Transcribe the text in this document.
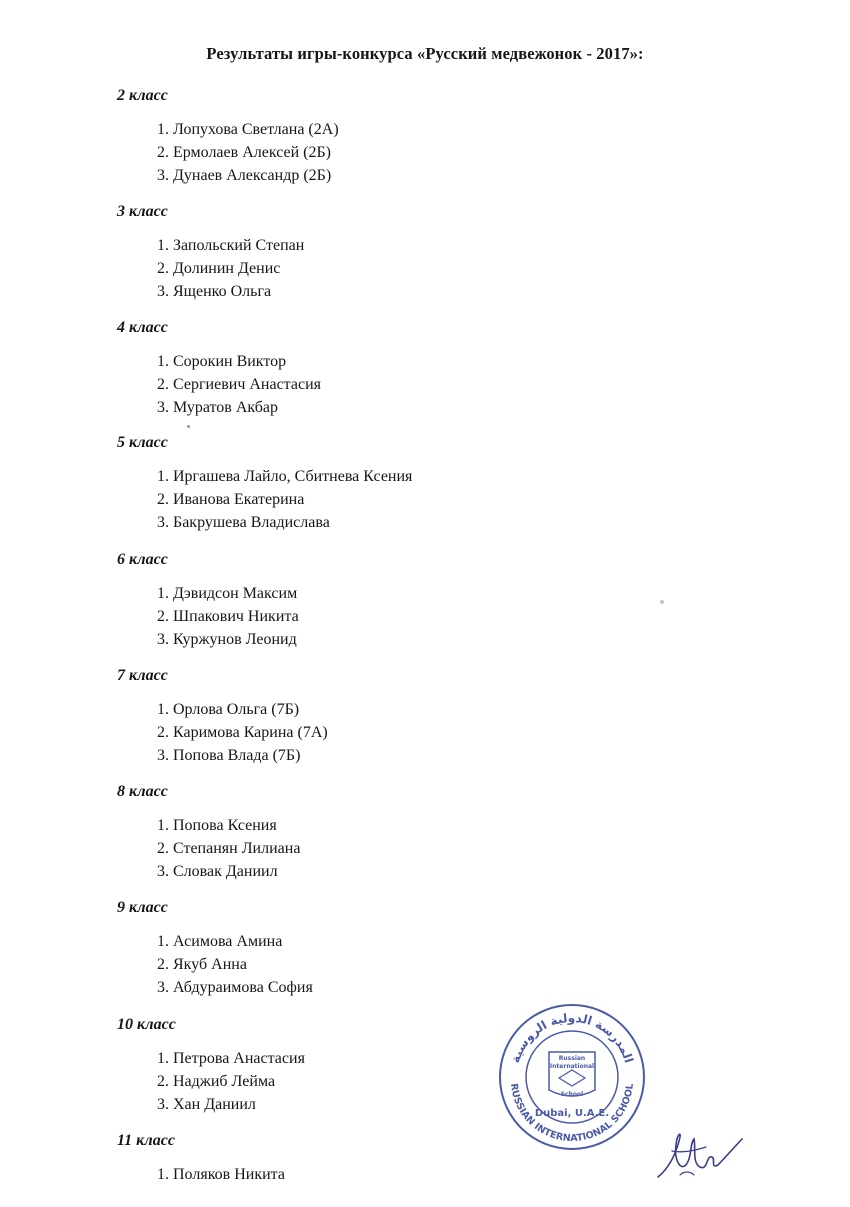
Результаты игры-конкурса «Русский медвежонок - 2017»:
2 класс
1. Лопухова Светлана (2А)
2. Ермолаев Алексей (2Б)
3. Дунаев Александр (2Б)
3 класс
1. Запольский Степан
2. Долинин Денис
3. Ященко Ольга
4 класс
1. Сорокин Виктор
2. Сергиевич Анастасия
3. Муратов Акбар
5 класс
1. Иргашева Лайло, Сбитнева Ксения
2. Иванова Екатерина
3. Бакрушева Владислава
6 класс
1. Дэвидсон Максим
2. Шпакович Никита
3. Куржунов Леонид
7 класс
1. Орлова Ольга (7Б)
2. Каримова Карина (7А)
3. Попова Влада (7Б)
8 класс
1. Попова Ксения
2. Степанян Лилиана
3. Словак Даниил
9 класс
1. Асимова Амина
2. Якуб Анна
3. Абдураимова София
10 класс
1. Петрова Анастасия
2. Наджиб Лейма
3. Хан Даниил
11 класс
1. Поляков Никита
المدرسة الدولية الروسية
RUSSIAN INTERNATIONAL SCHOOL
Russian
International
School
Dubai, U.A.E.
